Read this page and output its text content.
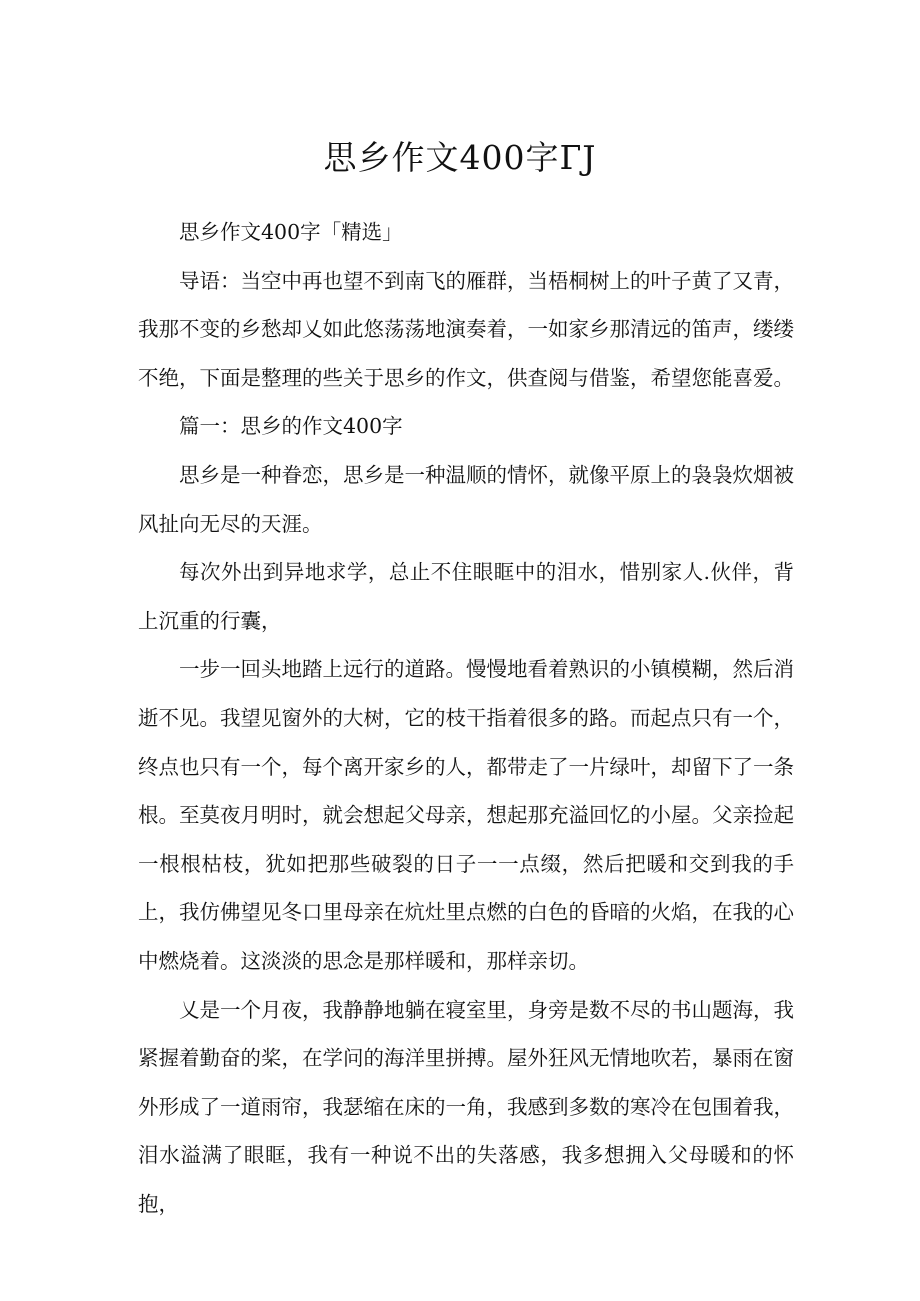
思乡作文400字ГJ

思乡作文400字「精选」

导语：当空中再也望不到南飞的雁群，当梧桐树上的叶子黄了又青，我那不变的乡愁却乂如此悠荡荡地演奏着，一如家乡那清远的笛声，缕缕不绝，下面是整理的些关于思乡的作文，供查阅与借鉴，希望您能喜爱。

篇一：思乡的作文400字

思乡是一种眷恋，思乡是一种温顺的情怀，就像平原上的袅袅炊烟被风扯向无尽的天涯。

每次外出到异地求学，总止不住眼眶中的泪水，惜别家人.伙伴，背上沉重的行囊，

一步一回头地踏上远行的道路。慢慢地看着熟识的小镇模糊，然后消逝不见。我望见窗外的大树，它的枝干指着很多的路。而起点只有一个，终点也只有一个，每个离开家乡的人，都带走了一片绿叶，却留下了一条根。至莫夜月明时，就会想起父母亲，想起那充溢回忆的小屋。父亲捡起一根根枯枝，犹如把那些破裂的日子一一点缀，然后把暖和交到我的手上，我仿佛望见冬口里母亲在炕灶里点燃的白色的昏暗的火焰，在我的心中燃烧着。这淡淡的思念是那样暖和，那样亲切。

乂是一个月夜，我静静地躺在寝室里，身旁是数不尽的书山题海，我紧握着勤奋的桨，在学问的海洋里拼搏。屋外狂风无情地吹若，暴雨在窗外形成了一道雨帘，我瑟缩在床的一角，我感到多数的寒冷在包围着我，泪水溢满了眼眶，我有一种说不出的失落感，我多想拥入父母暖和的怀抱，
